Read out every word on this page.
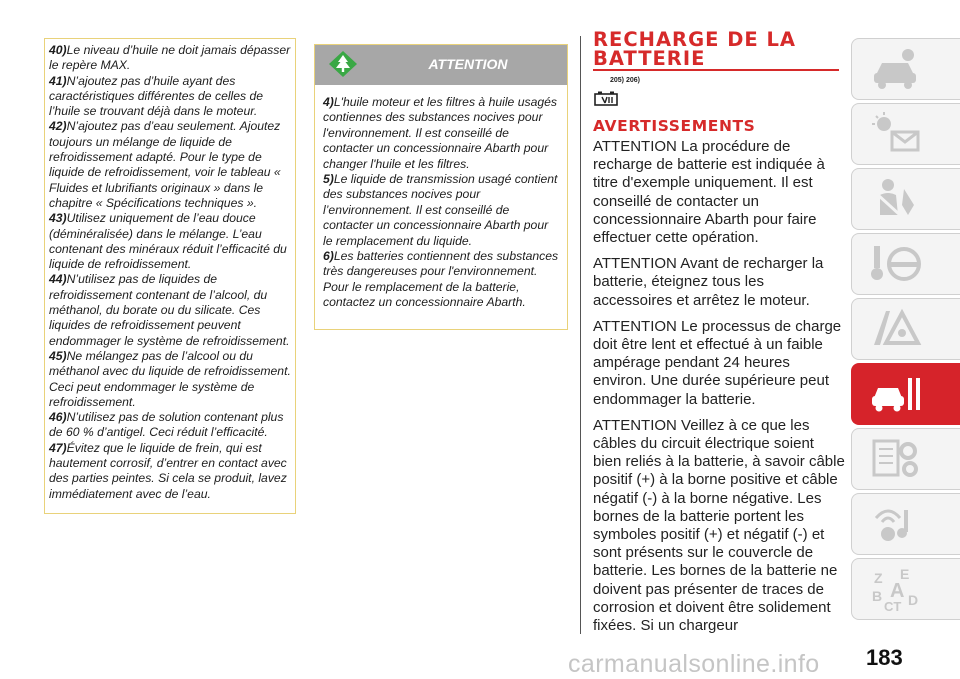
40)Le niveau d’huile ne doit jamais dépasser le repère MAX.

41)N’ajoutez pas d’huile ayant des caractéristiques différentes de celles de l’huile se trouvant déjà dans le moteur.

42)N’ajoutez pas d’eau seulement. Ajoutez toujours un mélange de liquide de refroidissement adapté. Pour le type de liquide de refroidissement, voir le tableau « Fluides et lubrifiants originaux » dans le chapitre « Spécifications techniques ».

43)Utilisez uniquement de l’eau douce (déminéralisée) dans le mélange. L’eau contenant des minéraux réduit l’efficacité du liquide de refroidissement.

44)N’utilisez pas de liquides de refroidissement contenant de l’alcool, du méthanol, du borate ou du silicate. Ces liquides de refroidissement peuvent endommager le système de refroidissement.

45)Ne mélangez pas de l’alcool ou du méthanol avec du liquide de refroidissement. Ceci peut endommager le système de refroidissement.

46)N’utilisez pas de solution contenant plus de 60 % d’antigel. Ceci réduit l’efficacité.

47)Évitez que le liquide de frein, qui est hautement corrosif, d’entrer en contact avec des parties peintes. Si cela se produit, lavez immédiatement avec de l’eau.

ATTENTION

4)L'huile moteur et les filtres à huile usagés contiennes des substances nocives pour l'environnement. Il est conseillé de contacter un concessionnaire Abarth pour changer l'huile et les filtres.

5)Le liquide de transmission usagé contient des substances nocives pour l’environnement. Il est conseillé de contacter un concessionnaire Abarth pour le remplacement du liquide.

6)Les batteries contiennent des substances très dangereuses pour l'environnement. Pour le remplacement de la batterie, contactez un concessionnaire Abarth.

RECHARGE DE LA
BATTERIE
205) 206)
AVERTISSEMENTS

ATTENTION La procédure de recharge de batterie est indiquée à titre d'exemple uniquement. Il est conseillé de contacter un concessionnaire Abarth pour faire effectuer cette opération.

ATTENTION Avant de recharger la batterie, éteignez tous les accessoires et arrêtez le moteur.

ATTENTION Le processus de charge doit être lent et effectué à un faible ampérage pendant 24 heures environ. Une durée supérieure peut endommager la batterie.

ATTENTION Veillez à ce que les câbles du circuit électrique soient bien reliés à la batterie, à savoir câble positif (+) à la borne positive et câble négatif (-) à la borne négative. Les bornes de la batterie portent les symboles positif (+) et négatif (-) et sont présents sur le couvercle de batterie. Les bornes de la batterie ne doivent pas présenter de traces de corrosion et doivent être solidement fixées. Si un chargeur

Z E
B A D
CT
carmanualsonline.info 183
